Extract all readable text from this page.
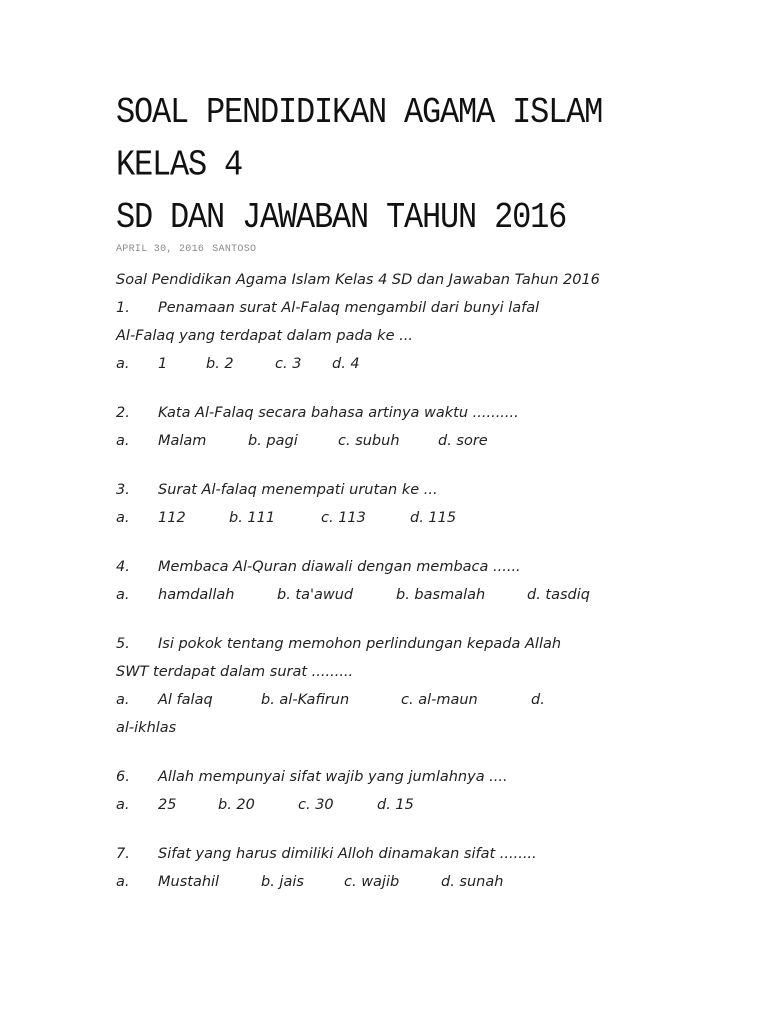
SOAL PENDIDIKAN AGAMA ISLAM KELAS 4
SD DAN JAWABAN TAHUN 2016
APRIL 30, 2016 SANTOSO

Soal Pendidikan Agama Islam Kelas 4 SD dan Jawaban Tahun 2016

1.	Penamaan surat Al-Falaq mengambil dari bunyi lafal
Al-Falaq yang terdapat dalam pada ke ...
a.	1	b. 2	c. 3	d. 4
2.	Kata Al-Falaq secara bahasa artinya waktu ..........
a.	Malam	b. pagi	c. subuh	d. sore
3.	Surat Al-falaq menempati urutan ke ...
a.	112	b. 111	c. 113	d. 115
4.	Membaca Al-Quran diawali dengan membaca ......
a.	hamdallah	b. ta'awud	b. basmalah	d. tasdiq
5.	Isi pokok tentang memohon perlindungan kepada Allah
SWT terdapat dalam surat .........
a.	Al falaq	b. al-Kafirun	c. al-maun	d.
al-ikhlas
6.	Allah mempunyai sifat wajib yang jumlahnya ....
a.	25	b. 20	c. 30	d. 15
7.	Sifat yang harus dimiliki Alloh dinamakan sifat ........
a.	Mustahil	b. jais	c. wajib	d. sunah
